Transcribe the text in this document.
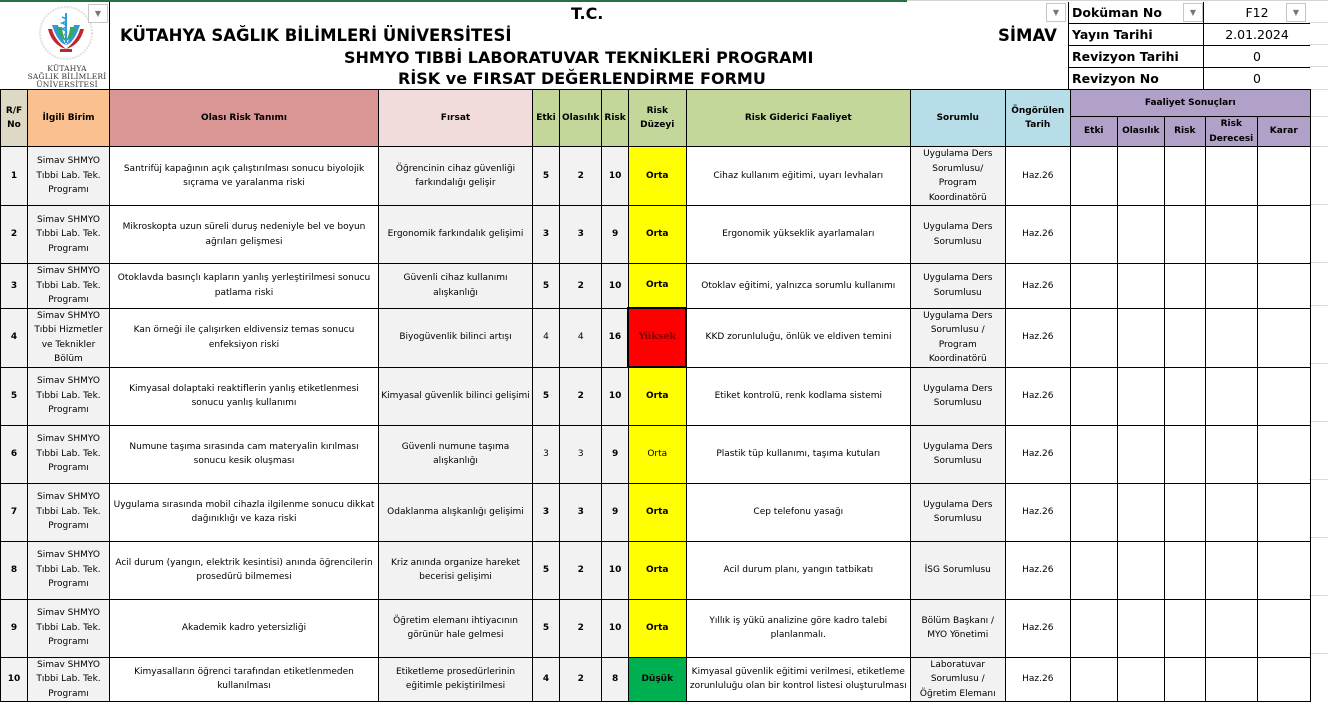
KÜTAHYA
SAĞLIK BİLİMLERİ
ÜNİVERSİTESİ
▼	T.C.
KÜTAHYA SAĞLIK BİLİMLERİ ÜNİVERSİTESİ	SİMAV
SHMYO TIBBİ LABORATUVAR TEKNİKLERİ PROGRAMI
RİSK ve FIRSAT DEĞERLENDİRME FORMU
▼	Doküman No	F12
Yayın Tarihi	2.01.2024
Revizyon Tarihi	0
Revizyon No	0
▼	▼
R/F No	İlgili Birim	Olası Risk Tanımı	Fırsat	Etki	Olasılık	Risk	Risk Düzeyi	Risk Giderici Faaliyet	Sorumlu	Öngörülen Tarih	Faaliyet Sonuçları				
											Etki	Olasılık	Risk	Risk Derecesi	Karar
1	Simav SHMYO Tıbbi Lab. Tek. Programı	Santrifüj kapağının açık çalıştırılması sonucu biyolojik sıçrama ve yaralanma riski	Öğrencinin cihaz güvenliği farkındalığı gelişir	5	2	10	Orta	Cihaz kullanım eğitimi, uyarı levhaları	Uygulama Ders Sorumlusu/ Program Koordinatörü	Haz.26					
2	Simav SHMYO Tıbbi Lab. Tek. Programı	Mikroskopta uzun süreli duruş nedeniyle bel ve boyun ağrıları gelişmesi	Ergonomik farkındalık gelişimi	3	3	9	Orta	Ergonomik yükseklik ayarlamaları	Uygulama Ders Sorumlusu	Haz.26					
3	Simav SHMYO Tıbbi Lab. Tek. Programı	Otoklavda basınçlı kapların yanlış yerleştirilmesi sonucu patlama riski	Güvenli cihaz kullanımı alışkanlığı	5	2	10	Orta	Otoklav eğitimi, yalnızca sorumlu kullanımı	Uygulama Ders Sorumlusu	Haz.26					
4	Simav SHMYO Tıbbi Hizmetler ve Teknikler Bölüm	Kan örneği ile çalışırken eldivensiz temas sonucu enfeksiyon riski	Biyogüvenlik bilinci artışı	4	4	16	Yüksek	KKD zorunluluğu, önlük ve eldiven temini	Uygulama Ders Sorumlusu / Program Koordinatörü	Haz.26					
5	Simav SHMYO Tıbbi Lab. Tek. Programı	Kimyasal dolaptaki reaktiflerin yanlış etiketlenmesi sonucu yanlış kullanımı	Kimyasal güvenlik bilinci gelişimi	5	2	10	Orta	Etiket kontrolü, renk kodlama sistemi	Uygulama Ders Sorumlusu	Haz.26					
6	Simav SHMYO Tıbbi Lab. Tek. Programı	Numune taşıma sırasında cam materyalin kırılması sonucu kesik oluşması	Güvenli numune taşıma alışkanlığı	3	3	9	Orta	Plastik tüp kullanımı, taşıma kutuları	Uygulama Ders Sorumlusu	Haz.26					
7	Simav SHMYO Tıbbi Lab. Tek. Programı	Uygulama sırasında mobil cihazla ilgilenme sonucu dikkat dağınıklığı ve kaza riski	Odaklanma alışkanlığı gelişimi	3	3	9	Orta	Cep telefonu yasağı	Uygulama Ders Sorumlusu	Haz.26					
8	Simav SHMYO Tıbbi Lab. Tek. Programı	Acil durum (yangın, elektrik kesintisi) anında öğrencilerin prosedürü bilmemesi	Kriz anında organize hareket becerisi gelişimi	5	2	10	Orta	Acil durum planı, yangın tatbikatı	İSG Sorumlusu	Haz.26					
9	Simav SHMYO Tıbbi Lab. Tek. Programı	Akademik kadro yetersizliği	Öğretim elemanı ihtiyacının görünür hale gelmesi	5	2	10	Orta	Yıllık iş yükü analizine göre kadro talebi planlanmalı.	Bölüm Başkanı / MYO Yönetimi	Haz.26					
10	Simav SHMYO Tıbbi Lab. Tek. Programı	Kimyasalların öğrenci tarafından etiketlenmeden kullanılması	Etiketleme prosedürlerinin eğitimle pekiştirilmesi	4	2	8	Düşük	Kimyasal güvenlik eğitimi verilmesi, etiketleme zorunluluğu olan bir kontrol listesi oluşturulması	Laboratuvar Sorumlusu / Öğretim Elemanı	Haz.26					
